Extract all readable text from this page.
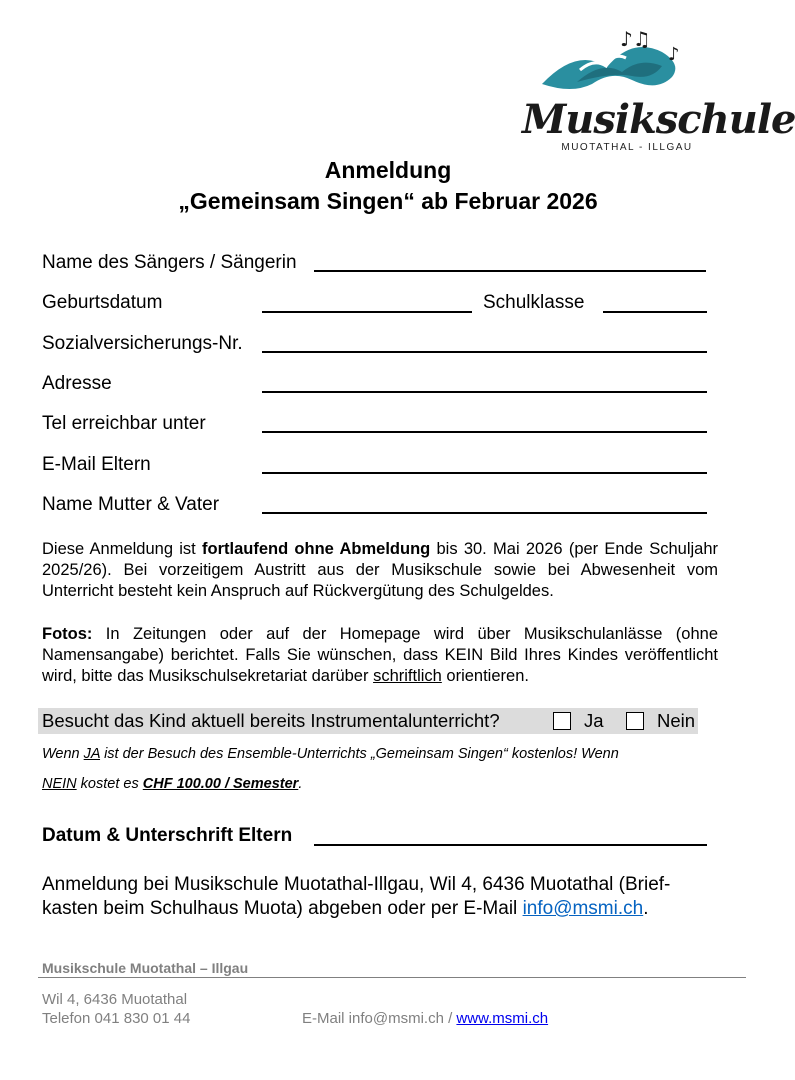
♪♫
♪
Musikschule
MUOTATHAL - ILLGAU
Anmeldung
„Gemeinsam Singen“ ab Februar 2026
Name des Sängers / Sängerin
Geburtsdatum	Schulklasse
Sozialversicherungs-Nr.
Adresse
Tel erreichbar unter
E-Mail Eltern
Name Mutter & Vater
Diese Anmeldung ist fortlaufend ohne Abmeldung bis 30. Mai 2026 (per Ende Schuljahr 2025/26). Bei vorzeitigem Austritt aus der Musikschule sowie bei Abwesenheit vom Unterricht besteht kein Anspruch auf Rückvergütung des Schulgeldes.
Fotos: In Zeitungen oder auf der Homepage wird über Musikschulanlässe (ohne Namensangabe) berichtet. Falls Sie wünschen, dass KEIN Bild Ihres Kindes veröffentlicht wird, bitte das Musikschulsekretariat darüber schriftlich orientieren.
Besucht das Kind aktuell bereits Instrumentalunterricht?	Ja	Nein
Wenn JA ist der Besuch des Ensemble-Unterrichts „Gemeinsam Singen“ kostenlos! Wenn
NEIN kostet es CHF 100.00 / Semester.
Datum & Unterschrift Eltern
Anmeldung bei Musikschule Muotathal-Illgau, Wil 4, 6436 Muotathal (Brief-
kasten beim Schulhaus Muota) abgeben oder per E-Mail info@msmi.ch.
Musikschule Muotathal – Illgau
Wil 4, 6436 Muotathal
Telefon 041 830 01 44	E-Mail info@msmi.ch / www.msmi.ch
